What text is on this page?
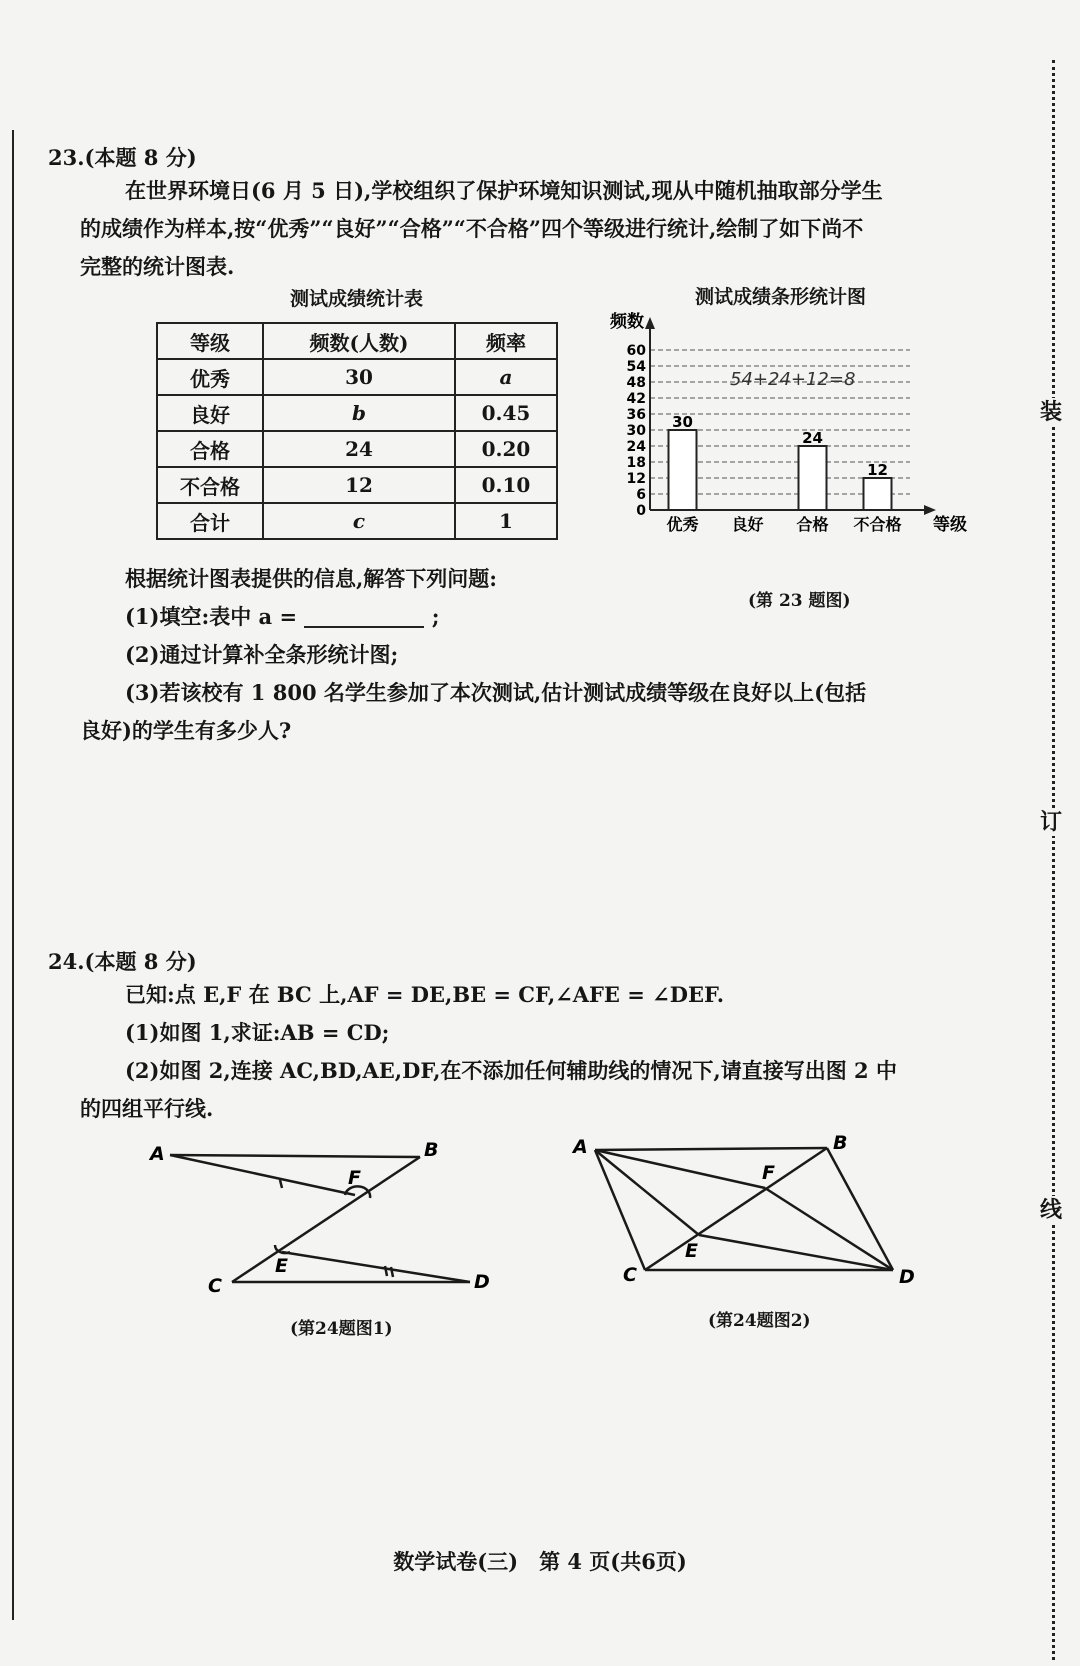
装
订
线
23.(本题 8 分)
在世界环境日(6 月 5 日),学校组织了保护环境知识测试,现从中随机抽取部分学生
的成绩作为样本,按“优秀”“良好”“合格”“不合格”四个等级进行统计,绘制了如下尚不
完整的统计图表.
测试成绩统计表
等级	频数(人数)	频率
优秀	30	a
良好	b	0.45
合格	24	0.20
不合格	12	0.10
合计	c	1
测试成绩条形统计图
0
6
12
18
24
30
36
42
48
54
60
30
优秀 良好
24
合格
12
不合格
频数
等级
54+24+12=8
(第 23 题图)
根据统计图表提供的信息,解答下列问题:
(1)填空:表中 a =	;
(2)通过计算补全条形统计图;
(3)若该校有 1 800 名学生参加了本次测试,估计测试成绩等级在良好以上(包括
良好)的学生有多少人?
24.(本题 8 分)
已知:点 E,F 在 BC 上,AF = DE,BE = CF,∠AFE = ∠DEF.
(1)如图 1,求证:AB = CD;
(2)如图 2,连接 AC,BD,AE,DF,在不添加任何辅助线的情况下,请直接写出图 2 中
的四组平行线.
A	B
F
E
C	D
(第24题图1)
A	B
F
E
C	D
(第24题图2)
数学试卷(三)　第 4 页(共6页)
